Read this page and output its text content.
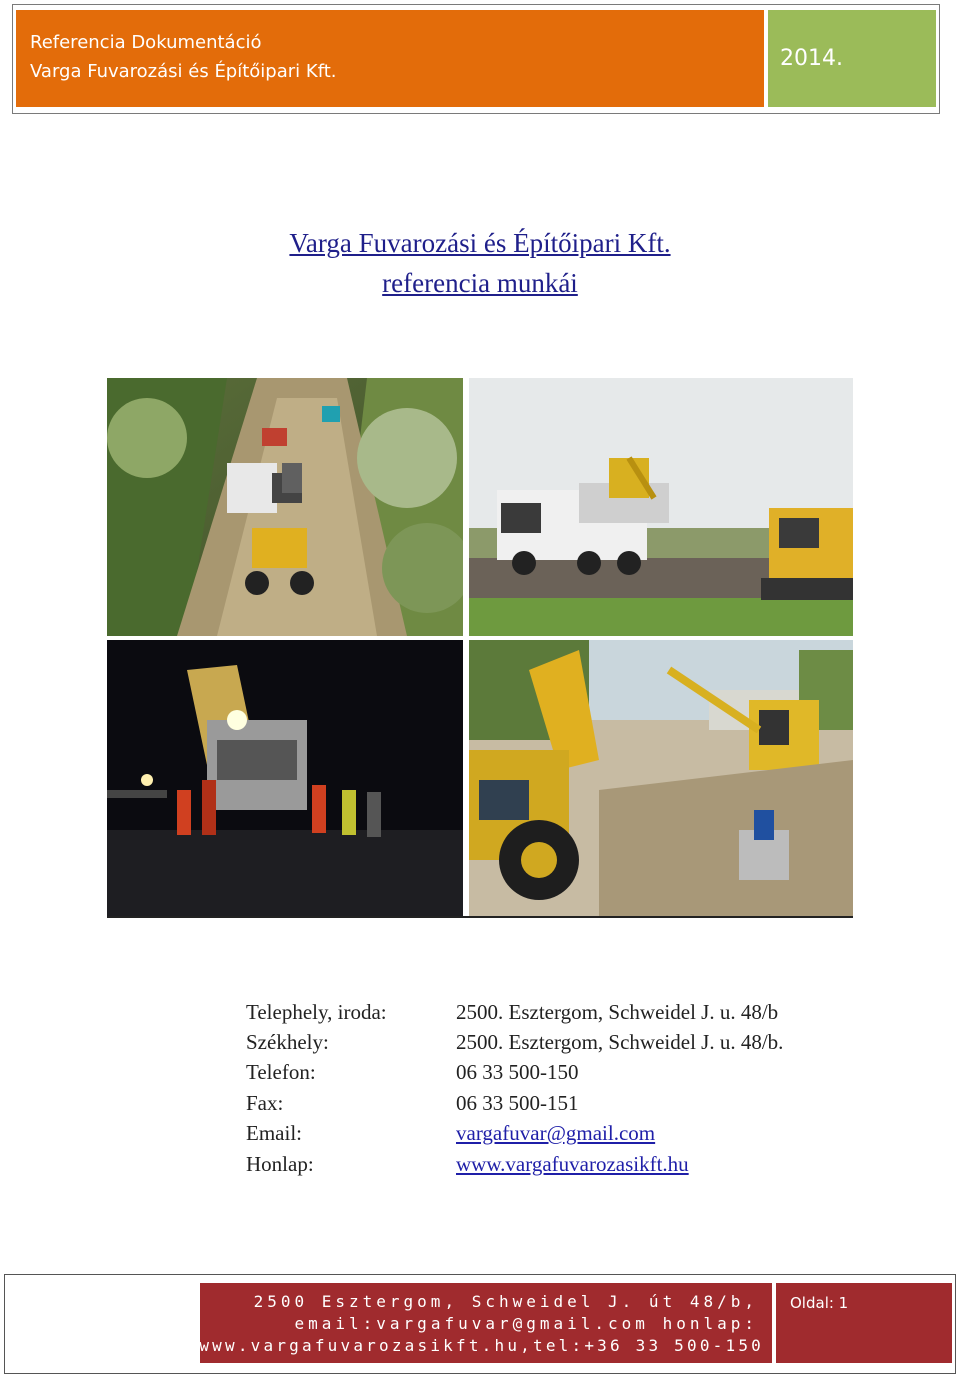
Referencia Dokumentáció
Varga Fuvarozási és Építőipari Kft.
2014.
Varga Fuvarozási és Építőipari Kft.
referencia munkái
Telephely, iroda:	2500. Esztergom, Schweidel J. u. 48/b
Székhely:	2500. Esztergom, Schweidel J. u. 48/b.
Telefon:	06 33 500-150
Fax:	06 33 500-151
Email:	vargafuvar@gmail.com
Honlap:	www.vargafuvarozasikft.hu
2500 Esztergom, Schweidel J. út 48/b,
email:vargafuvar@gmail.com honlap:
www.vargafuvarozasikft.hu,tel:+36 33 500-150
Oldal: 1
